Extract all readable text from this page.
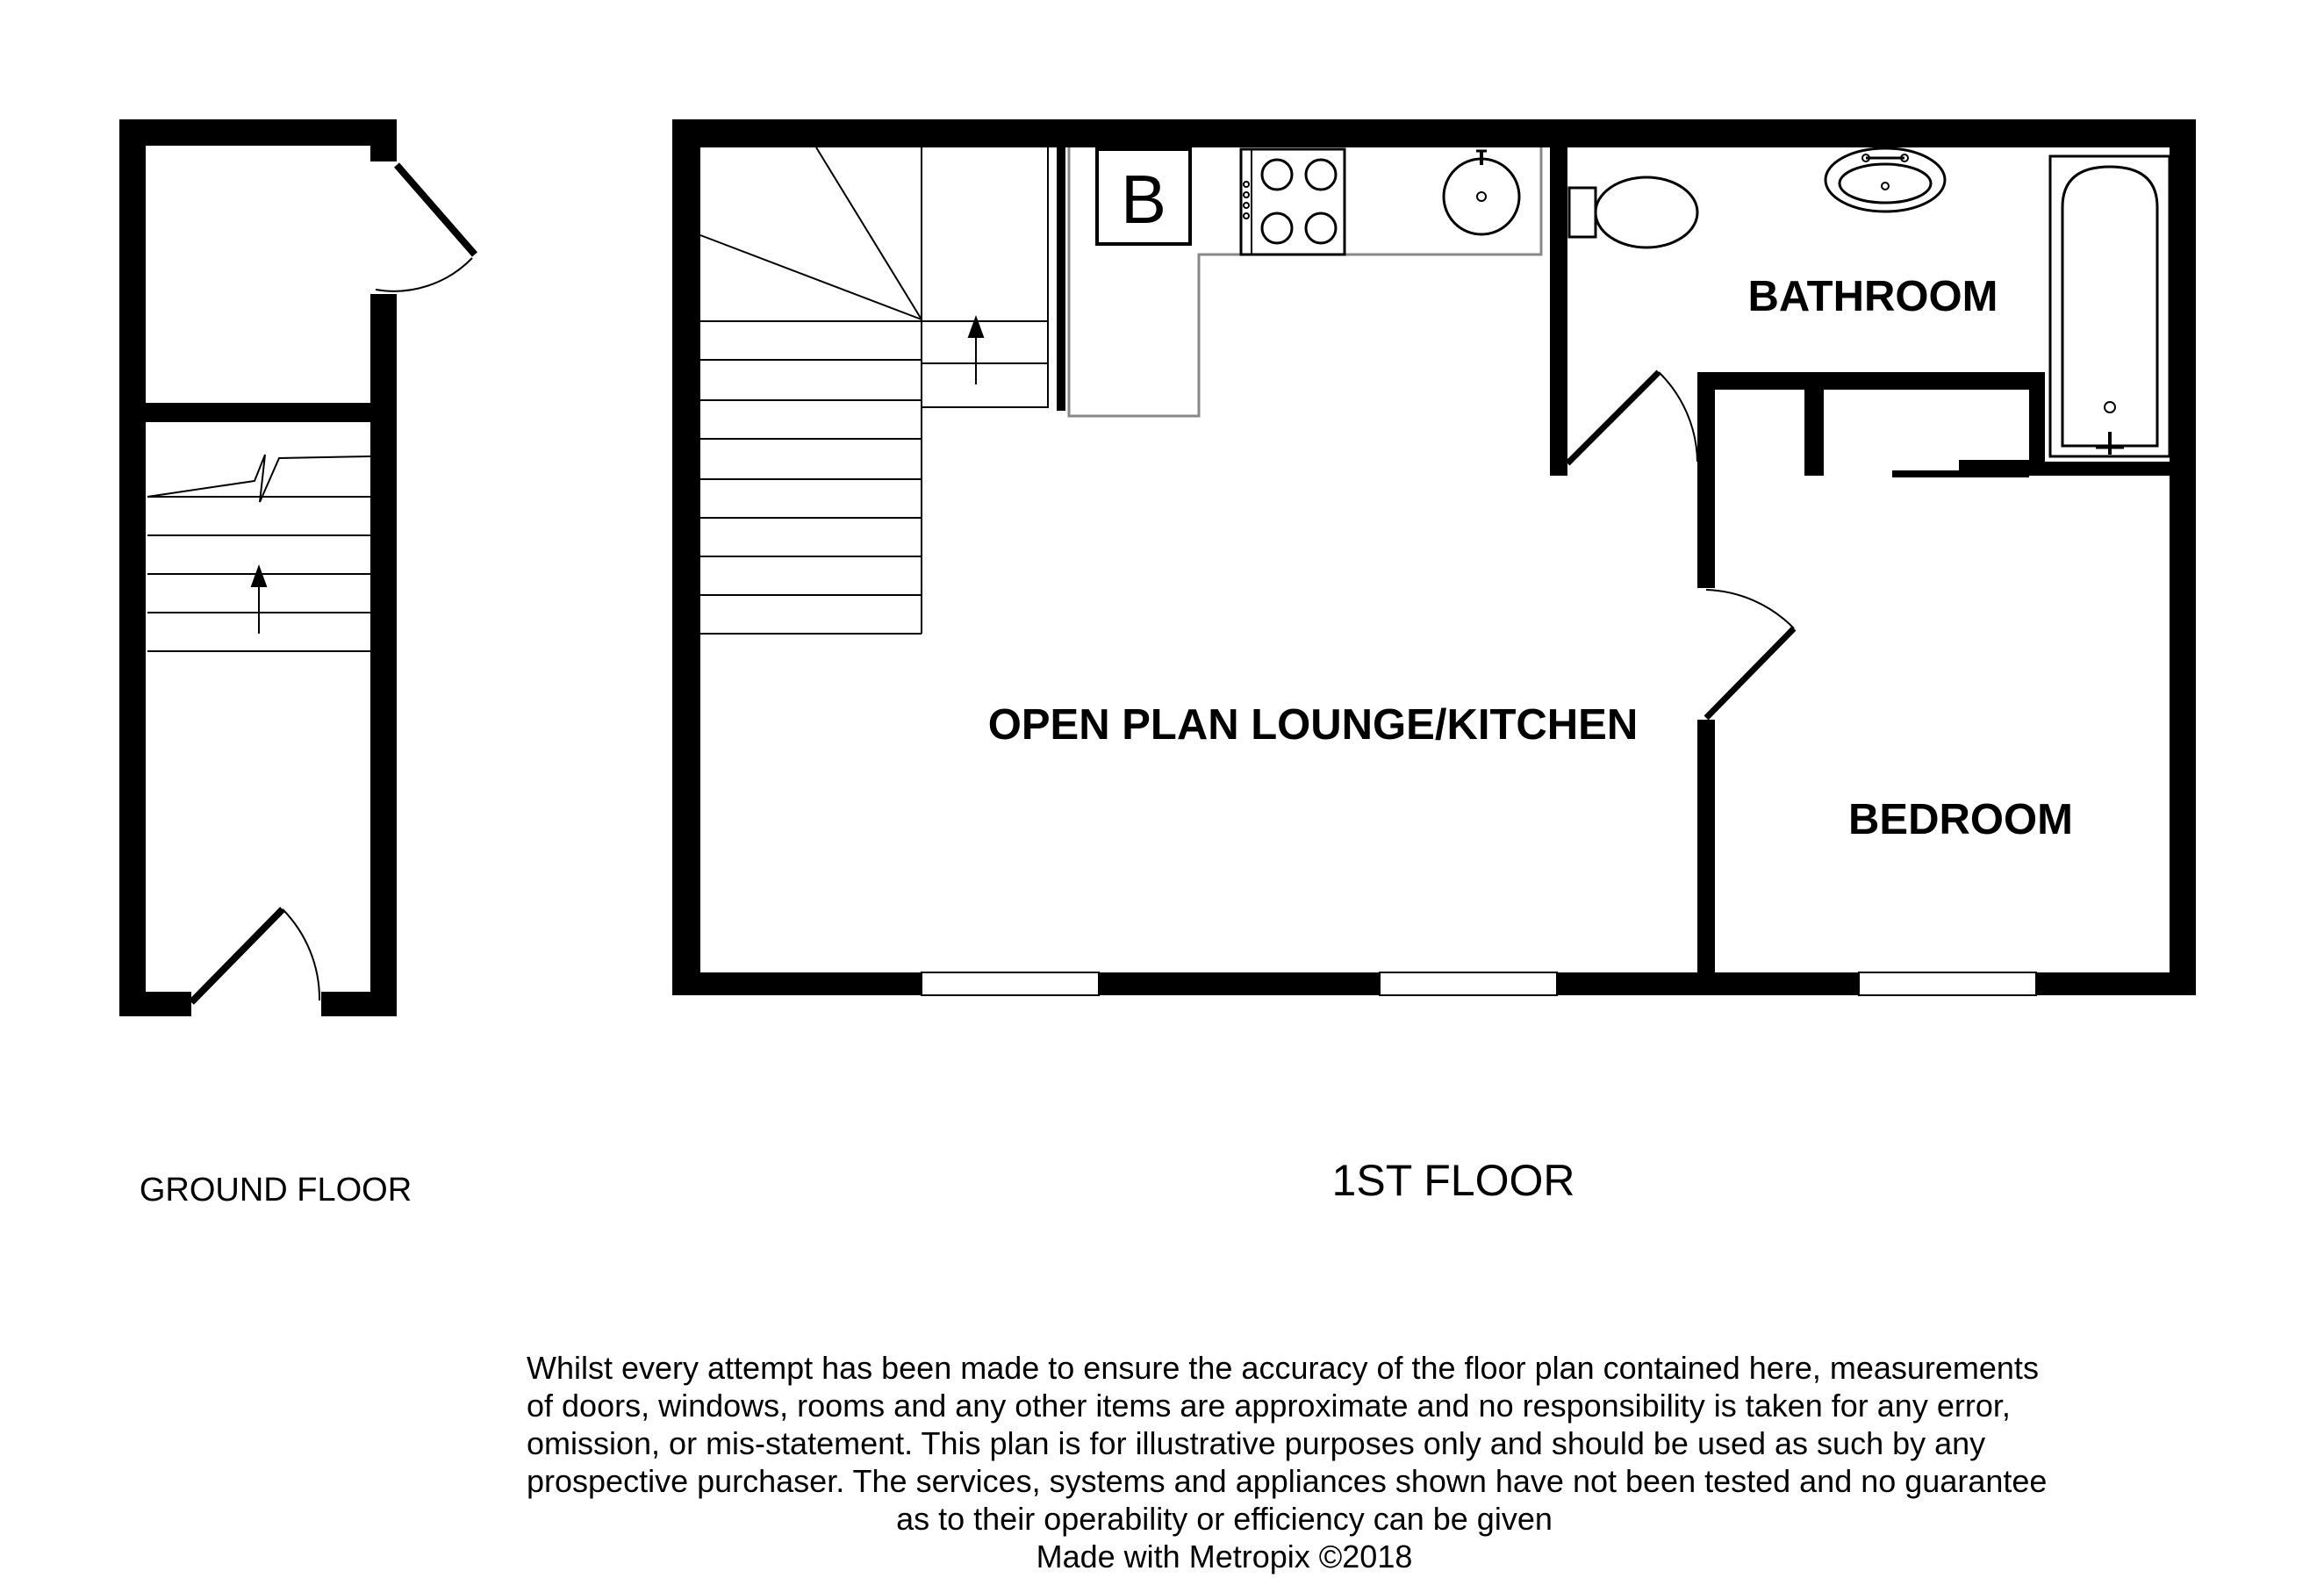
B
OPEN PLAN LOUNGE/KITCHEN
BATHROOM
BEDROOM
GROUND FLOOR	1ST FLOOR
Whilst every attempt has been made to ensure the accuracy of the floor plan contained here, measurements
of doors, windows, rooms and any other items are approximate and no responsibility is taken for any error,
omission, or mis-statement. This plan is for illustrative purposes only and should be used as such by any
prospective purchaser. The services, systems and appliances shown have not been tested and no guarantee
as to their operability or efficiency can be given
Made with Metropix ©2018
